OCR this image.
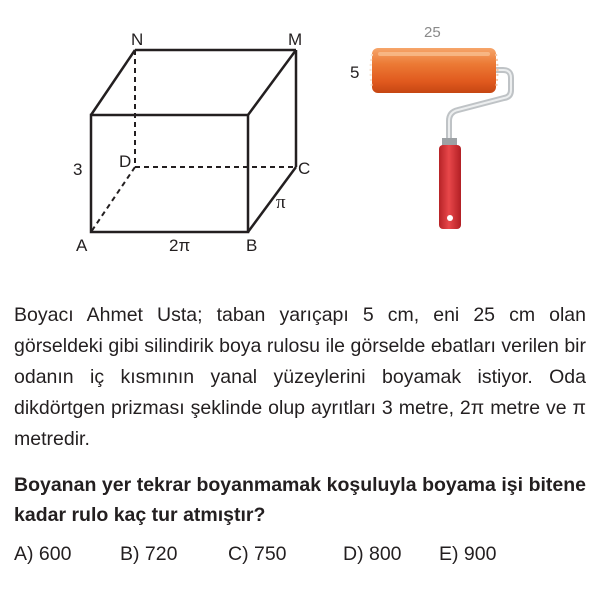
N	M
D	C
A	B
3
2π
π
25
5
Boyacı Ahmet Usta; taban yarıçapı 5 cm, eni 25 cm olan görseldeki gibi silindirik boya rulosu ile görselde ebatları verilen bir odanın iç kısmının yanal yüzeylerini boyamak istiyor. Oda dikdörtgen prizması şeklinde olup ayrıtları 3 metre, 2π metre ve π metredir.
Boyanan yer tekrar boyanmamak koşuluyla boyama işi bitene kadar rulo kaç tur atmıştır?
A) 600 B) 720	C) 750	D) 800 E) 900
